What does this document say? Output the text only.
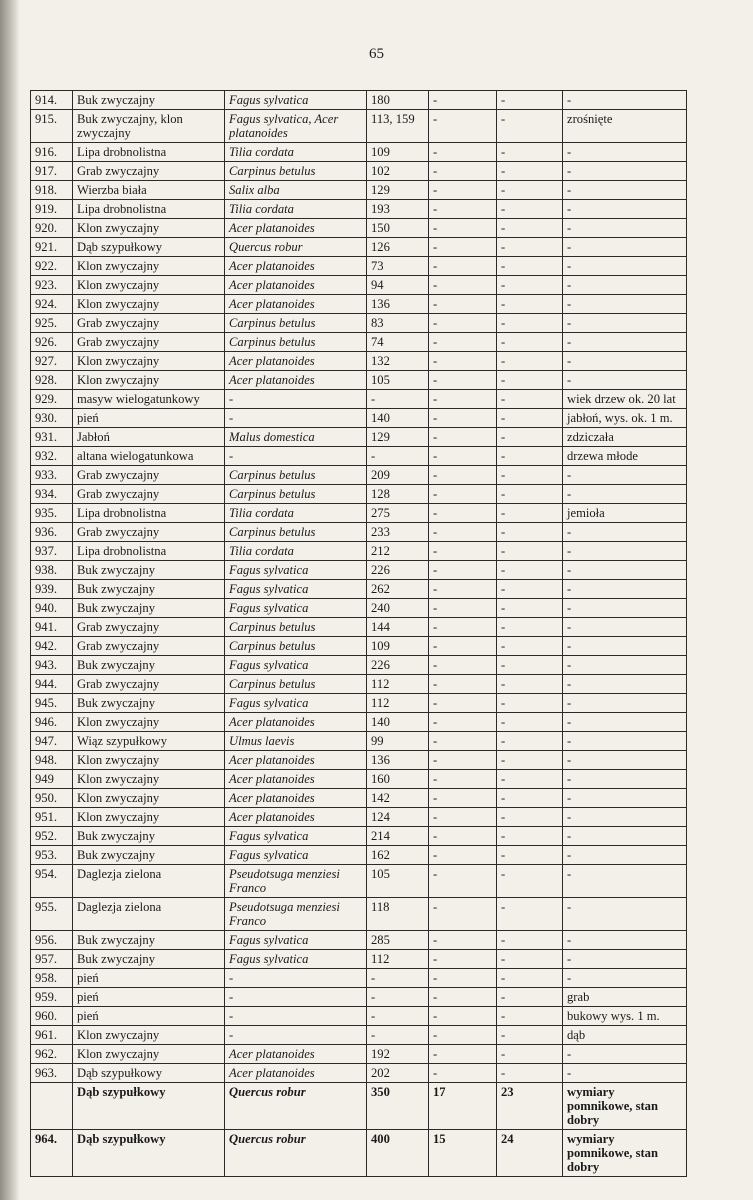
65
914.	Buk zwyczajny	Fagus sylvatica	180	-	-	-
915.	Buk zwyczajny, klon zwyczajny	Fagus sylvatica, Acer platanoides	113, 159	-	-	zrośnięte
916.	Lipa drobnolistna	Tilia cordata	109	-	-	-
917.	Grab zwyczajny	Carpinus betulus	102	-	-	-
918.	Wierzba biała	Salix alba	129	-	-	-
919.	Lipa drobnolistna	Tilia cordata	193	-	-	-
920.	Klon zwyczajny	Acer platanoides	150	-	-	-
921.	Dąb szypułkowy	Quercus robur	126	-	-	-
922.	Klon zwyczajny	Acer platanoides	73	-	-	-
923.	Klon zwyczajny	Acer platanoides	94	-	-	-
924.	Klon zwyczajny	Acer platanoides	136	-	-	-
925.	Grab zwyczajny	Carpinus betulus	83	-	-	-
926.	Grab zwyczajny	Carpinus betulus	74	-	-	-
927.	Klon zwyczajny	Acer platanoides	132	-	-	-
928.	Klon zwyczajny	Acer platanoides	105	-	-	-
929.	masyw wielogatunkowy	-	-	-	-	wiek drzew ok. 20 lat
930.	pień	-	140	-	-	jabłoń, wys. ok. 1 m.
931.	Jabłoń	Malus domestica	129	-	-	zdziczała
932.	altana wielogatunkowa	-	-	-	-	drzewa młode
933.	Grab zwyczajny	Carpinus betulus	209	-	-	-
934.	Grab zwyczajny	Carpinus betulus	128	-	-	-
935.	Lipa drobnolistna	Tilia cordata	275	-	-	jemioła
936.	Grab zwyczajny	Carpinus betulus	233	-	-	-
937.	Lipa drobnolistna	Tilia cordata	212	-	-	-
938.	Buk zwyczajny	Fagus sylvatica	226	-	-	-
939.	Buk zwyczajny	Fagus sylvatica	262	-	-	-
940.	Buk zwyczajny	Fagus sylvatica	240	-	-	-
941.	Grab zwyczajny	Carpinus betulus	144	-	-	-
942.	Grab zwyczajny	Carpinus betulus	109	-	-	-
943.	Buk zwyczajny	Fagus sylvatica	226	-	-	-
944.	Grab zwyczajny	Carpinus betulus	112	-	-	-
945.	Buk zwyczajny	Fagus sylvatica	112	-	-	-
946.	Klon zwyczajny	Acer platanoides	140	-	-	-
947.	Wiąz szypułkowy	Ulmus laevis	99	-	-	-
948.	Klon zwyczajny	Acer platanoides	136	-	-	-
949	Klon zwyczajny	Acer platanoides	160	-	-	-
950.	Klon zwyczajny	Acer platanoides	142	-	-	-
951.	Klon zwyczajny	Acer platanoides	124	-	-	-
952.	Buk zwyczajny	Fagus sylvatica	214	-	-	-
953.	Buk zwyczajny	Fagus sylvatica	162	-	-	-
954.	Daglezja zielona	Pseudotsuga menziesi Franco	105	-	-	-
955.	Daglezja zielona	Pseudotsuga menziesi Franco	118	-	-	-
956.	Buk zwyczajny	Fagus sylvatica	285	-	-	-
957.	Buk zwyczajny	Fagus sylvatica	112	-	-	-
958.	pień	-	-	-	-	-
959.	pień	-	-	-	-	grab
960.	pień	-	-	-	-	bukowy wys. 1 m.
961.	Klon zwyczajny	-	-	-	-	dąb
962.	Klon zwyczajny	Acer platanoides	192	-	-	-
963.	Dąb szypułkowy	Acer platanoides	202	-	-	-
	Dąb szypułkowy	Quercus robur	350	17	23	wymiary pomnikowe, stan dobry
964.	Dąb szypułkowy	Quercus robur	400	15	24	wymiary pomnikowe, stan dobry
